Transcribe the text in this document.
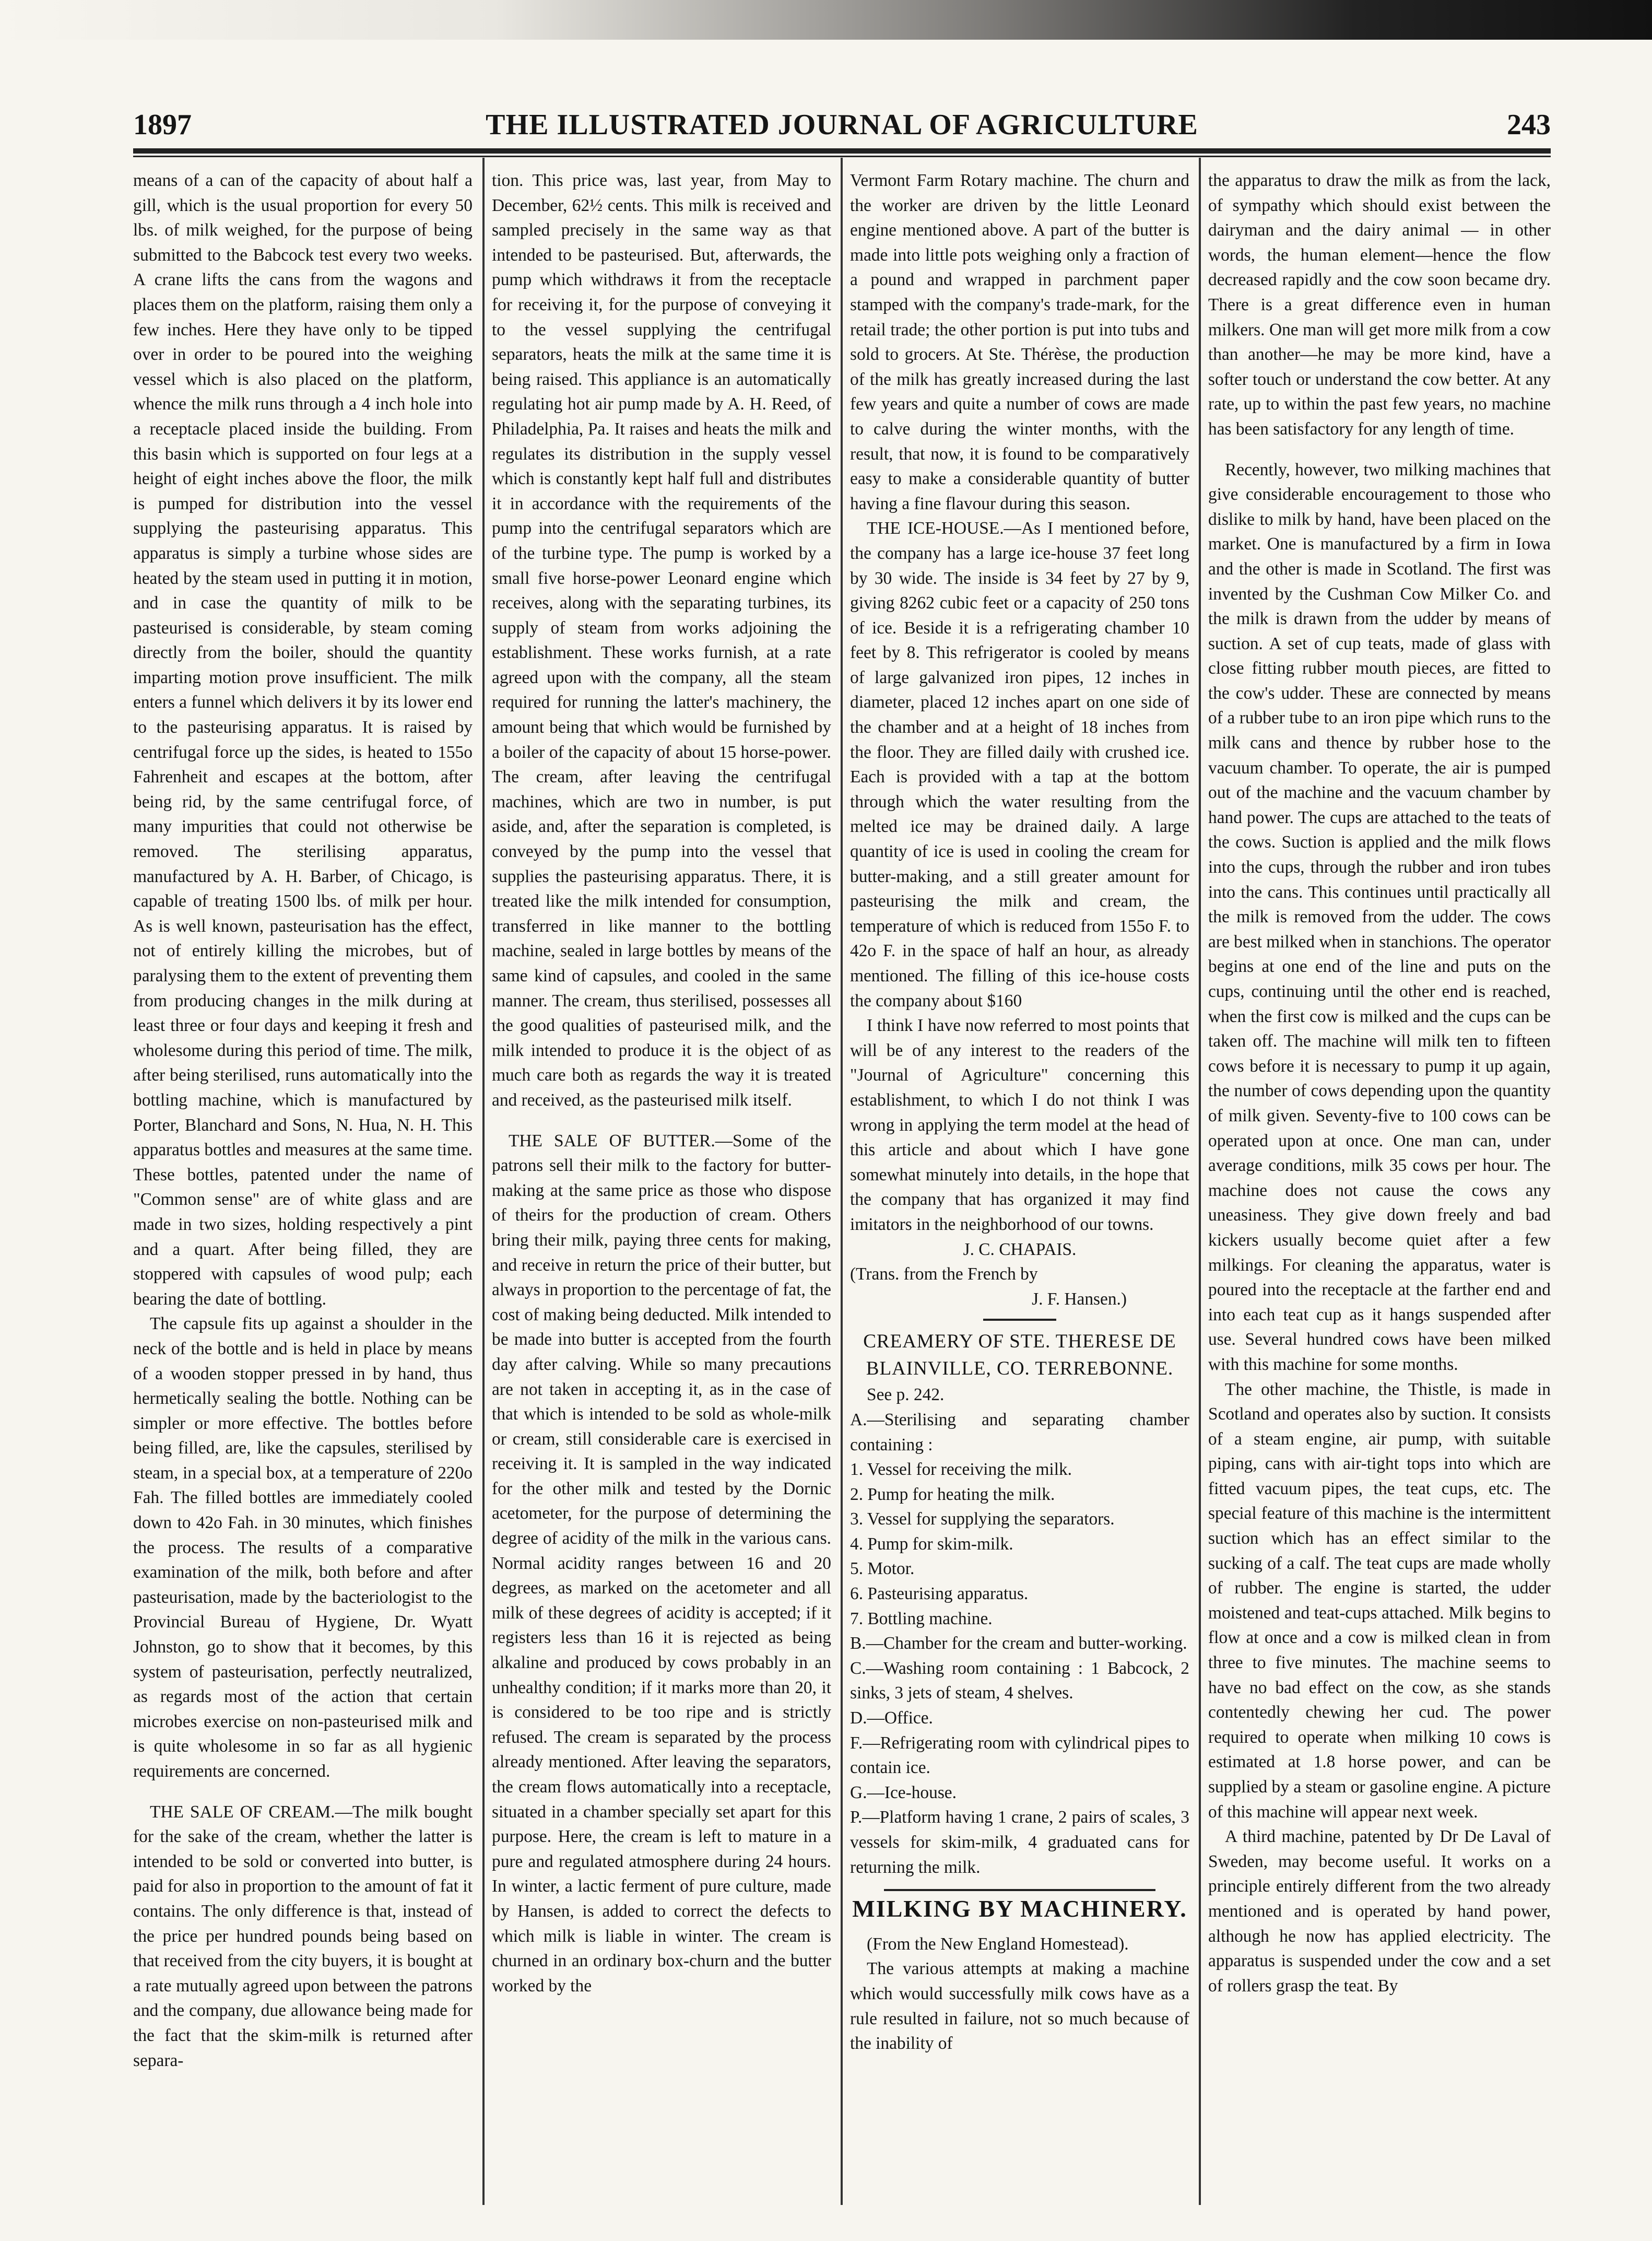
1897	THE ILLUSTRATED JOURNAL OF AGRICULTURE	243

means of a can of the capacity of about half a gill, which is the usual proportion for every 50 lbs. of milk weighed, for the purpose of being submitted to the Babcock test every two weeks. A crane lifts the cans from the wagons and places them on the platform, raising them only a few inches. Here they have only to be tipped over in order to be poured into the weighing vessel which is also placed on the platform, whence the milk runs through a 4 inch hole into a receptacle placed inside the building. From this basin which is supported on four legs at a height of eight inches above the floor, the milk is pumped for distribution into the vessel supplying the pasteurising apparatus. This apparatus is simply a turbine whose sides are heated by the steam used in putting it in motion, and in case the quantity of milk to be pasteurised is considerable, by steam coming directly from the boiler, should the quantity imparting motion prove insufficient. The milk enters a funnel which delivers it by its lower end to the pasteurising apparatus. It is raised by centrifugal force up the sides, is heated to 155o Fahrenheit and escapes at the bottom, after being rid, by the same centrifugal force, of many impurities that could not otherwise be removed. The sterilising apparatus, manufactured by A. H. Barber, of Chicago, is capable of treating 1500 lbs. of milk per hour. As is well known, pasteurisation has the effect, not of entirely killing the microbes, but of paralysing them to the extent of preventing them from producing changes in the milk during at least three or four days and keeping it fresh and wholesome during this period of time. The milk, after being sterilised, runs automatically into the bottling machine, which is manufactured by Porter, Blanchard and Sons, N. Hua, N. H. This apparatus bottles and measures at the same time. These bottles, patented under the name of "Common sense" are of white glass and are made in two sizes, holding respectively a pint and a quart. After being filled, they are stoppered with capsules of wood pulp; each bearing the date of bottling.

The capsule fits up against a shoulder in the neck of the bottle and is held in place by means of a wooden stopper pressed in by hand, thus hermetically sealing the bottle. Nothing can be simpler or more effective. The bottles before being filled, are, like the capsules, sterilised by steam, in a special box, at a temperature of 220o Fah. The filled bottles are immediately cooled down to 42o Fah. in 30 minutes, which finishes the process. The results of a comparative examination of the milk, both before and after pasteurisation, made by the bacteriologist to the Provincial Bureau of Hygiene, Dr. Wyatt Johnston, go to show that it becomes, by this system of pasteurisation, perfectly neutralized, as regards most of the action that certain microbes exercise on non-pasteurised milk and is quite wholesome in so far as all hygienic requirements are concerned.

THE SALE OF CREAM.—The milk bought for the sake of the cream, whether the latter is intended to be sold or converted into butter, is paid for also in proportion to the amount of fat it contains. The only difference is that, instead of the price per hundred pounds being based on that received from the city buyers, it is bought at a rate mutually agreed upon between the patrons and the company, due allowance being made for the fact that the skim-milk is returned after separa-

tion. This price was, last year, from May to December, 62½ cents. This milk is received and sampled precisely in the same way as that intended to be pasteurised. But, afterwards, the pump which withdraws it from the receptacle for receiving it, for the purpose of conveying it to the vessel supplying the centrifugal separators, heats the milk at the same time it is being raised. This appliance is an automatically regulating hot air pump made by A. H. Reed, of Philadelphia, Pa. It raises and heats the milk and regulates its distribution in the supply vessel which is constantly kept half full and distributes it in accordance with the requirements of the pump into the centrifugal separators which are of the turbine type. The pump is worked by a small five horse-power Leonard engine which receives, along with the separating turbines, its supply of steam from works adjoining the establishment. These works furnish, at a rate agreed upon with the company, all the steam required for running the latter's machinery, the amount being that which would be furnished by a boiler of the capacity of about 15 horse-power. The cream, after leaving the centrifugal machines, which are two in number, is put aside, and, after the separation is completed, is conveyed by the pump into the vessel that supplies the pasteurising apparatus. There, it is treated like the milk intended for consumption, transferred in like manner to the bottling machine, sealed in large bottles by means of the same kind of capsules, and cooled in the same manner. The cream, thus sterilised, possesses all the good qualities of pasteurised milk, and the milk intended to produce it is the object of as much care both as regards the way it is treated and received, as the pasteurised milk itself.

THE SALE OF BUTTER.—Some of the patrons sell their milk to the factory for butter-making at the same price as those who dispose of theirs for the production of cream. Others bring their milk, paying three cents for making, and receive in return the price of their butter, but always in proportion to the percentage of fat, the cost of making being deducted. Milk intended to be made into butter is accepted from the fourth day after calving. While so many precautions are not taken in accepting it, as in the case of that which is intended to be sold as whole-milk or cream, still considerable care is exercised in receiving it. It is sampled in the way indicated for the other milk and tested by the Dornic acetometer, for the purpose of determining the degree of acidity of the milk in the various cans. Normal acidity ranges between 16 and 20 degrees, as marked on the acetometer and all milk of these degrees of acidity is accepted; if it registers less than 16 it is rejected as being alkaline and produced by cows probably in an unhealthy condition; if it marks more than 20, it is considered to be too ripe and is strictly refused. The cream is separated by the process already mentioned. After leaving the separators, the cream flows automatically into a receptacle, situated in a chamber specially set apart for this purpose. Here, the cream is left to mature in a pure and regulated atmosphere during 24 hours. In winter, a lactic ferment of pure culture, made by Hansen, is added to correct the defects to which milk is liable in winter. The cream is churned in an ordinary box-churn and the butter worked by the

Vermont Farm Rotary machine. The churn and the worker are driven by the little Leonard engine mentioned above. A part of the butter is made into little pots weighing only a fraction of a pound and wrapped in parchment paper stamped with the company's trade-mark, for the retail trade; the other portion is put into tubs and sold to grocers. At Ste. Thérèse, the production of the milk has greatly increased during the last few years and quite a number of cows are made to calve during the winter months, with the result, that now, it is found to be comparatively easy to make a considerable quantity of butter having a fine flavour during this season.

THE ICE-HOUSE.—As I mentioned before, the company has a large ice-house 37 feet long by 30 wide. The inside is 34 feet by 27 by 9, giving 8262 cubic feet or a capacity of 250 tons of ice. Beside it is a refrigerating chamber 10 feet by 8. This refrigerator is cooled by means of large galvanized iron pipes, 12 inches in diameter, placed 12 inches apart on one side of the chamber and at a height of 18 inches from the floor. They are filled daily with crushed ice. Each is provided with a tap at the bottom through which the water resulting from the melted ice may be drained daily. A large quantity of ice is used in cooling the cream for butter-making, and a still greater amount for pasteurising the milk and cream, the temperature of which is reduced from 155o F. to 42o F. in the space of half an hour, as already mentioned. The filling of this ice-house costs the company about $160

I think I have now referred to most points that will be of any interest to the readers of the "Journal of Agriculture" concerning this establishment, to which I do not think I was wrong in applying the term model at the head of this article and about which I have gone somewhat minutely into details, in the hope that the company that has organized it may find imitators in the neighborhood of our towns.

J. C. CHAPAIS.

(Trans. from the French by

J. F. Hansen.)

CREAMERY OF STE. THERESE DE BLAINVILLE, CO. TERREBONNE.

See p. 242.

A.—Sterilising and separating chamber containing :

1. Vessel for receiving the milk.

2. Pump for heating the milk.

3. Vessel for supplying the separators.

4. Pump for skim-milk.

5. Motor.

6. Pasteurising apparatus.

7. Bottling machine.

B.—Chamber for the cream and butter-working.

C.—Washing room containing : 1 Babcock, 2 sinks, 3 jets of steam, 4 shelves.

D.—Office.

F.—Refrigerating room with cylindrical pipes to contain ice.

G.—Ice-house.

P.—Platform having 1 crane, 2 pairs of scales, 3 vessels for skim-milk, 4 graduated cans for returning the milk.

MILKING BY MACHINERY.

(From the New England Homestead).

The various attempts at making a machine which would successfully milk cows have as a rule resulted in failure, not so much because of the inability of

the apparatus to draw the milk as from the lack, of sympathy which should exist between the dairyman and the dairy animal — in other words, the human element—hence the flow decreased rapidly and the cow soon became dry. There is a great difference even in human milkers. One man will get more milk from a cow than another—he may be more kind, have a softer touch or understand the cow better. At any rate, up to within the past few years, no machine has been satisfactory for any length of time.

Recently, however, two milking machines that give considerable encouragement to those who dislike to milk by hand, have been placed on the market. One is manufactured by a firm in Iowa and the other is made in Scotland. The first was invented by the Cushman Cow Milker Co. and the milk is drawn from the udder by means of suction. A set of cup teats, made of glass with close fitting rubber mouth pieces, are fitted to the cow's udder. These are connected by means of a rubber tube to an iron pipe which runs to the milk cans and thence by rubber hose to the vacuum chamber. To operate, the air is pumped out of the machine and the vacuum chamber by hand power. The cups are attached to the teats of the cows. Suction is applied and the milk flows into the cups, through the rubber and iron tubes into the cans. This continues until practically all the milk is removed from the udder. The cows are best milked when in stanchions. The operator begins at one end of the line and puts on the cups, continuing until the other end is reached, when the first cow is milked and the cups can be taken off. The machine will milk ten to fifteen cows before it is necessary to pump it up again, the number of cows depending upon the quantity of milk given. Seventy-five to 100 cows can be operated upon at once. One man can, under average conditions, milk 35 cows per hour. The machine does not cause the cows any uneasiness. They give down freely and bad kickers usually become quiet after a few milkings. For cleaning the apparatus, water is poured into the receptacle at the farther end and into each teat cup as it hangs suspended after use. Several hundred cows have been milked with this machine for some months.

The other machine, the Thistle, is made in Scotland and operates also by suction. It consists of a steam engine, air pump, with suitable piping, cans with air-tight tops into which are fitted vacuum pipes, the teat cups, etc. The special feature of this machine is the intermittent suction which has an effect similar to the sucking of a calf. The teat cups are made wholly of rubber. The engine is started, the udder moistened and teat-cups attached. Milk begins to flow at once and a cow is milked clean in from three to five minutes. The machine seems to have no bad effect on the cow, as she stands contentedly chewing her cud. The power required to operate when milking 10 cows is estimated at 1.8 horse power, and can be supplied by a steam or gasoline engine. A picture of this machine will appear next week.

A third machine, patented by Dr De Laval of Sweden, may become useful. It works on a principle entirely different from the two already mentioned and is operated by hand power, although he now has applied electricity. The apparatus is suspended under the cow and a set of rollers grasp the teat. By
